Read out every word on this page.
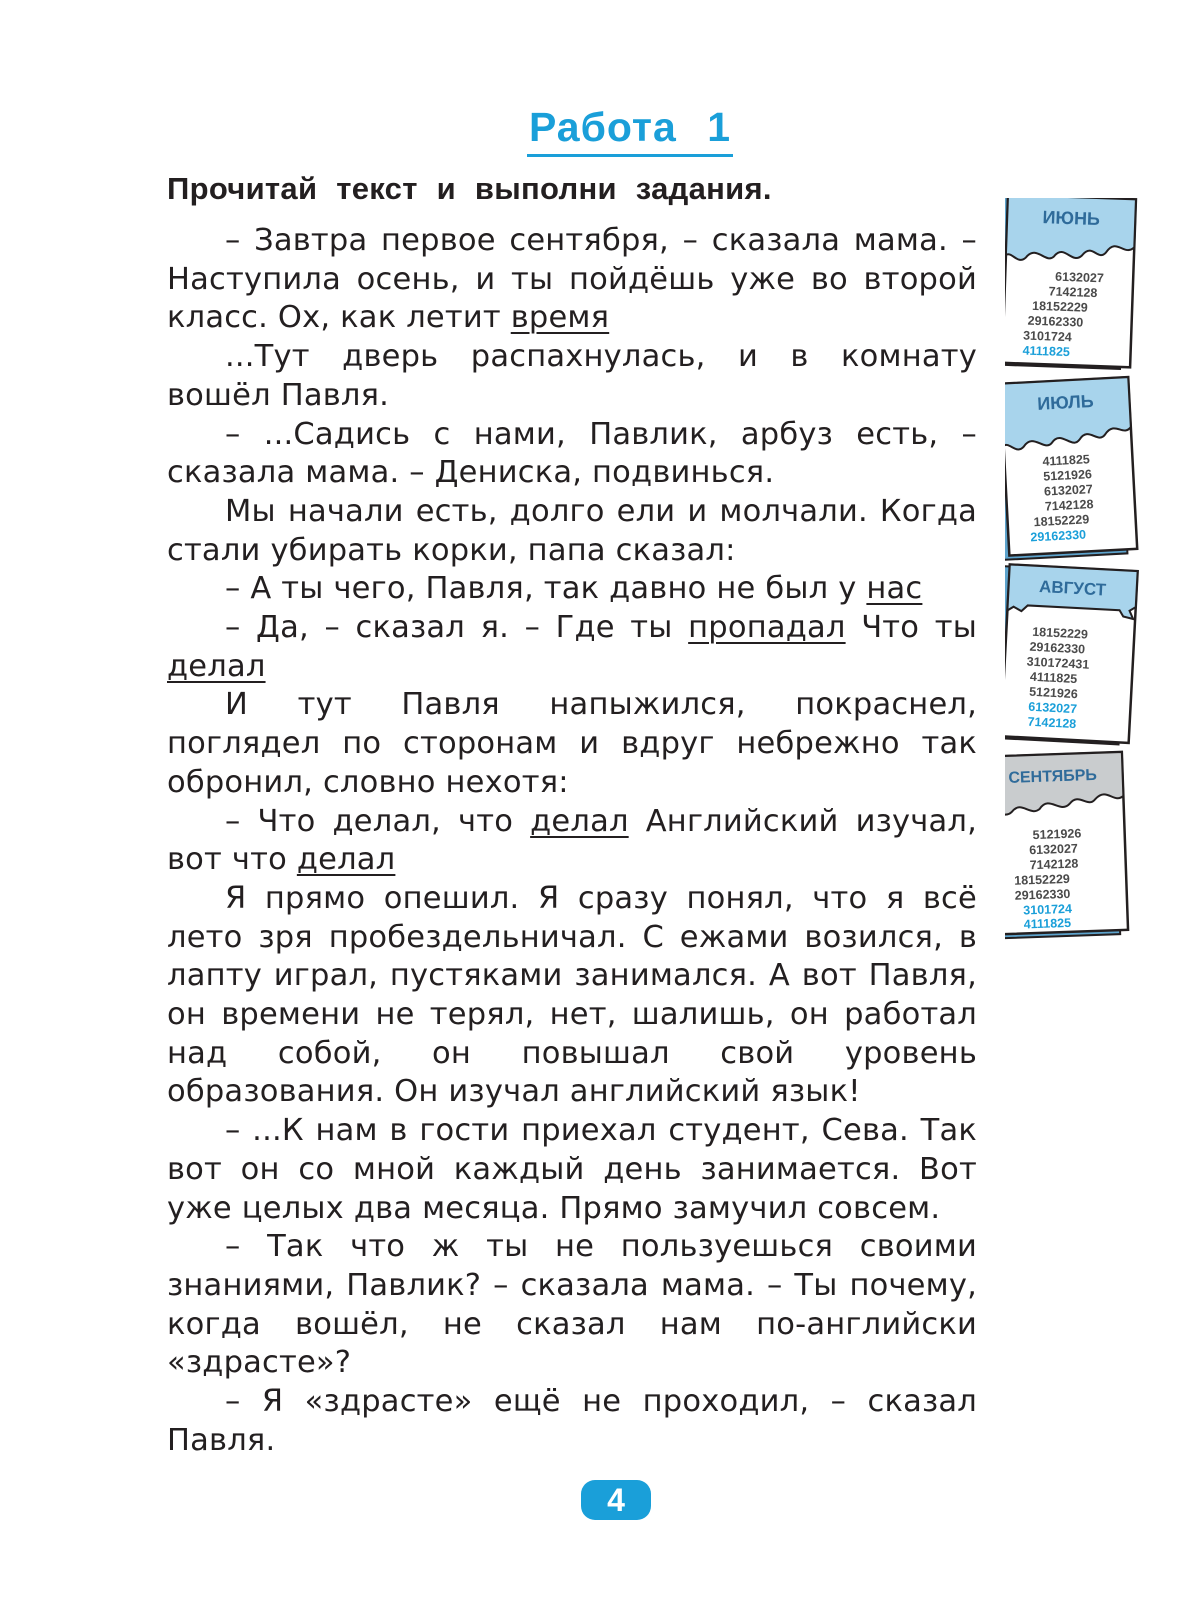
Работа 1
Прочитай текст и выполни задания.

– Завтра первое сентября, – сказала мама. – Наступила осень, и ты пойдёшь уже во второй класс. Ох, как летит время

...Тут дверь распахнулась, и в комнату вошёл Павля.

– ...Садись с нами, Павлик, арбуз есть, – сказала мама. – Дениска, подвинься.

Мы начали есть, долго ели и молчали. Когда стали убирать корки, папа сказал:

– А ты чего, Павля, так давно не был у нас

– Да, – сказал я. – Где ты пропадал Что ты делал

И тут Павля напыжился, покраснел, поглядел по сторонам и вдруг небрежно так обронил, словно нехотя:

– Что делал, что делал Английский изучал, вот что делал

Я прямо опешил. Я сразу понял, что я всё лето зря пробездельничал. С ежами возился, в лапту играл, пустяками занимался. А вот Павля, он времени не терял, нет, шалишь, он работал над собой, он повышал свой уровень образования. Он изучал английский язык!

– ...К нам в гости приехал студент, Сева. Так вот он со мной каждый день занимается. Вот уже целых два месяца. Прямо замучил совсем.

– Так что ж ты не пользуешься своими знаниями, Павлик? – сказала мама. – Ты почему, когда вошёл, не сказал нам по-английски «здрасте»?

– Я «здрасте» ещё не проходил, – сказал Павля.

ИЮНЬ
6132027
7142128
18152229
29162330
3101724
4111825
ИЮЛЬ
4111825
5121926
6132027
7142128
18152229
29162330
АВГУСТ
18152229
29162330
310172431
4111825
5121926
6132027
7142128
СЕНТЯБРЬ
5121926
6132027
7142128
18152229
29162330
3101724
4111825
4
